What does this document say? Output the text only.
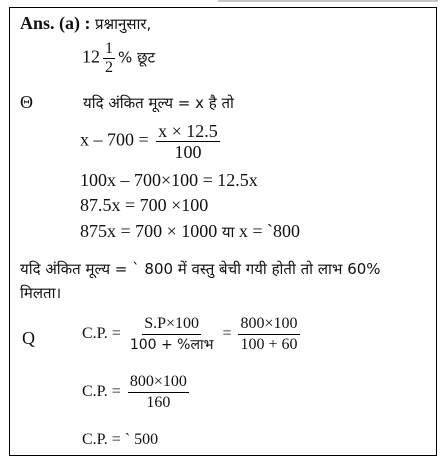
Ans. (a) : प्रश्नानुसार,
$12 \frac{1}{2}$ % छूट
Θ	यदि अंकित मूल्य = x है तो
$x - 700 = \frac{x \times 12.5}{100}$
100x – 700×100 = 12.5x
87.5x = 700 ×100
875x = 700 × 1000 या x = `800
यदि अंकित मूल्य = ` 800 में वस्तु बेची गयी होती तो लाभ 60%
मिलता।
Q	C.P. = $\frac{S.P\times 100}{\text{100 + \%लाभ}} = \frac{800\times 100}{100 + 60}$
C.P. = $\frac{800\times 100}{160}$
C.P. = ` 500
